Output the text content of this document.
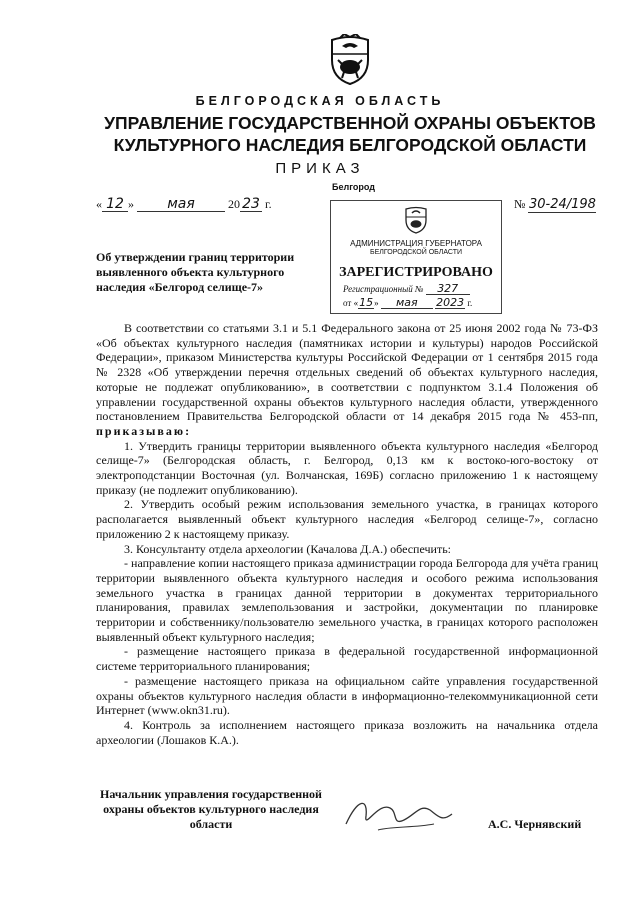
БЕЛГОРОДСКАЯ ОБЛАСТЬ
УПРАВЛЕНИЕ ГОСУДАРСТВЕННОЙ ОХРАНЫ ОБЪЕКТОВ
КУЛЬТУРНОГО НАСЛЕДИЯ БЕЛГОРОДСКОЙ ОБЛАСТИ
ПРИКАЗ
Белгород
« 12 » мая	20 23 г.	№ 30-24/198
АДМИНИСТРАЦИЯ ГУБЕРНАТОРА
БЕЛГОРОДСКОЙ ОБЛАСТИ
ЗАРЕГИСТРИРОВАНО
Регистрационный № 327
от «15» мая 2023 г.
Об утверждении границ территории выявленного объекта культурного наследия «Белгород селище-7»

В соответствии со статьями 3.1 и 5.1 Федерального закона от 25 июня 2002 года № 73-ФЗ «Об объектах культурного наследия (памятниках истории и культуры) народов Российской Федерации», приказом Министерства культуры Российской Федерации от 1 сентября 2015 года № 2328 «Об утверждении перечня отдельных сведений об объектах культурного наследия, которые не подлежат опубликованию», в соответствии с подпунктом 3.1.4 Положения об управлении государственной охраны объектов культурного наследия области, утвержденного постановлением Правительства Белгородской области от 14 декабря 2015 года № 453-пп, приказываю:

1. Утвердить границы территории выявленного объекта культурного наследия «Белгород селище-7» (Белгородская область, г. Белгород, 0,13 км к востоко-юго-востоку от электроподстанции Восточная (ул. Волчанская, 169Б) согласно приложению 1 к настоящему приказу (не подлежит опубликованию).

2. Утвердить особый режим использования земельного участка, в границах которого располагается выявленный объект культурного наследия «Белгород селище-7», согласно приложению 2 к настоящему приказу.

3. Консультанту отдела археологии (Качалова Д.А.) обеспечить:

- направление копии настоящего приказа администрации города Белгорода для учёта границ территории выявленного объекта культурного наследия и особого режима использования земельного участка в границах данной территории в документах территориального планирования, правилах землепользования и застройки, документации по планировке территории и собственнику/пользователю земельного участка, в границах которого расположен выявленный объект культурного наследия;

- размещение настоящего приказа в федеральной государственной информационной системе территориального планирования;

- размещение настоящего приказа на официальном сайте управления государственной охраны объектов культурного наследия области в информационно-телекоммуникационной сети Интернет (www.okn31.ru).

4. Контроль за исполнением настоящего приказа возложить на начальника отдела археологии (Лошаков К.А.).

Начальник управления государственной охраны объектов культурного наследия области	А.С. Чернявский
